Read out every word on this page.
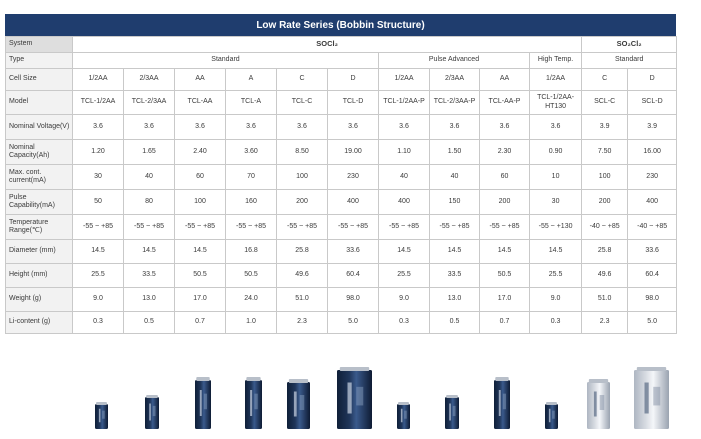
Low Rate Series (Bobbin Structure)
System	SOCl₂										SO₂Cl₂	
Type	Standard						Pulse Advanced			High Temp.	Standard	
Cell Size	1/2AA	2/3AA	AA	A	C	D	1/2AA	2/3AA	AA	1/2AA	C	D
Model	TCL-1/2AA	TCL-2/3AA	TCL-AA	TCL-A	TCL-C	TCL-D	TCL-1/2AA-P	TCL-2/3AA-P	TCL-AA-P	TCL-1/2AA-HT130	SCL-C	SCL-D
Nominal Voltage(V)	3.6	3.6	3.6	3.6	3.6	3.6	3.6	3.6	3.6	3.6	3.9	3.9
Nominal Capacity(Ah)	1.20	1.65	2.40	3.60	8.50	19.00	1.10	1.50	2.30	0.90	7.50	16.00
Max. cont. current(mA)	30	40	60	70	100	230	40	40	60	10	100	230
Pulse Capability(mA)	50	80	100	160	200	400	400	150	200	30	200	400
Temperature Range(℃)	-55 ~ +85	-55 ~ +85	-55 ~ +85	-55 ~ +85	-55 ~ +85	-55 ~ +85	-55 ~ +85	-55 ~ +85	-55 ~ +85	-55 ~ +130	-40 ~ +85	-40 ~ +85
Diameter (mm)	14.5	14.5	14.5	16.8	25.8	33.6	14.5	14.5	14.5	14.5	25.8	33.6
Height (mm)	25.5	33.5	50.5	50.5	49.6	60.4	25.5	33.5	50.5	25.5	49.6	60.4
Weight (g)	9.0	13.0	17.0	24.0	51.0	98.0	9.0	13.0	17.0	9.0	51.0	98.0
Li-content (g)	0.3	0.5	0.7	1.0	2.3	5.0	0.3	0.5	0.7	0.3	2.3	5.0
